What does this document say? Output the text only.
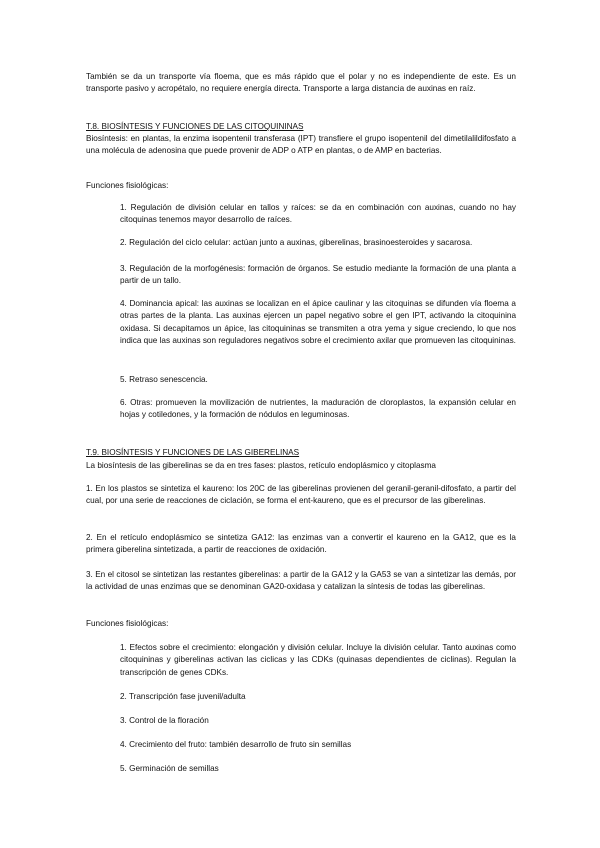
También se da un transporte vía floema, que es más rápido que el polar y no es independiente de este. Es un transporte pasivo y acropétalo, no requiere energía directa. Transporte a larga distancia de auxinas en raíz.

T.8. BIOSÍNTESIS Y FUNCIONES DE LAS CITOQUININAS

Biosíntesis: en plantas, la enzima isopentenil transferasa (IPT) transfiere el grupo isopentenil del dimetilalildifosfato a una molécula de adenosina que puede provenir de ADP o ATP en plantas, o de AMP en bacterias.

Funciones fisiológicas:

1. Regulación de división celular en tallos y raíces: se da en combinación con auxinas, cuando no hay citoquinas tenemos mayor desarrollo de raíces.

2. Regulación del ciclo celular: actúan junto a auxinas, giberelinas, brasinoesteroides y sacarosa.

3. Regulación de la morfogénesis: formación de órganos. Se estudio mediante la formación de una planta a partir de un tallo.

4. Dominancia apical: las auxinas se localizan en el ápice caulinar y las citoquinas se difunden vía floema a otras partes de la planta. Las auxinas ejercen un papel negativo sobre el gen IPT, activando la citoquinina oxidasa. Si decapitamos un ápice, las citoquininas se transmiten a otra yema y sigue creciendo, lo que nos indica que las auxinas son reguladores negativos sobre el crecimiento axilar que promueven las citoquininas.

5. Retraso senescencia.

6. Otras: promueven la movilización de nutrientes, la maduración de cloroplastos, la expansión celular en hojas y cotiledones, y la formación de nódulos en leguminosas.

T.9. BIOSÍNTESIS Y FUNCIONES DE LAS GIBERELINAS

La biosíntesis de las giberelinas se da en tres fases: plastos, retículo endoplásmico y citoplasma

1. En los plastos se sintetiza el kaureno: los 20C de las giberelinas provienen del geranil-geranil-difosfato, a partir del cual, por una serie de reacciones de ciclación, se forma el ent-kaureno, que es el precursor de las giberelinas.

2. En el retículo endoplásmico se sintetiza GA12: las enzimas van a convertir el kaureno en la GA12, que es la primera giberelina sintetizada, a partir de reacciones de oxidación.

3. En el citosol se sintetizan las restantes giberelinas: a partir de la GA12 y la GA53 se van a sintetizar las demás, por la actividad de unas enzimas que se denominan GA20-oxidasa y catalizan la síntesis de todas las giberelinas.

Funciones fisiológicas:

1. Efectos sobre el crecimiento: elongación y división celular. Incluye la división celular. Tanto auxinas como citoquininas y giberelinas activan las ciclicas y las CDKs (quinasas dependientes de ciclinas). Regulan la transcripción de genes CDKs.

2. Transcripción fase juvenil/adulta

3. Control de la floración

4. Crecimiento del fruto: también desarrollo de fruto sin semillas

5. Germinación de semillas
